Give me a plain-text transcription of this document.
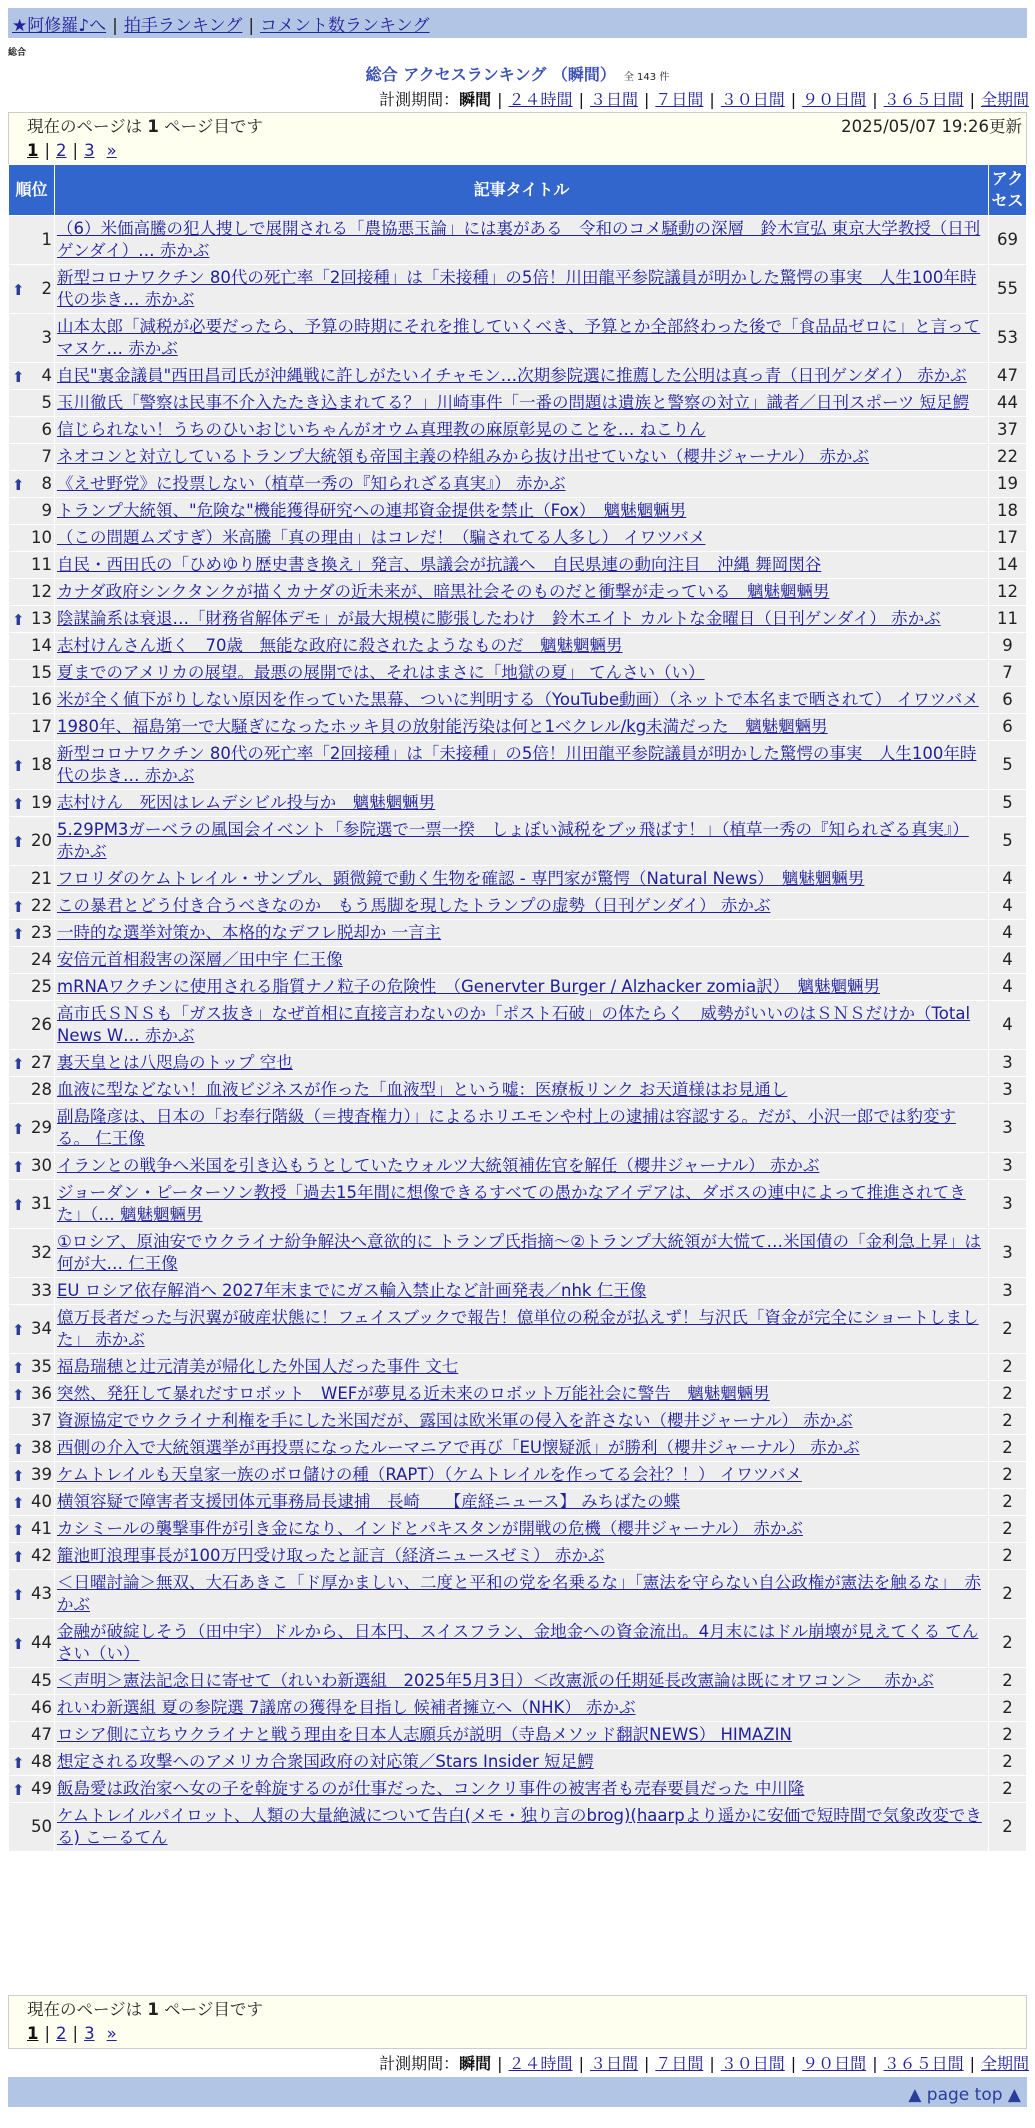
★阿修羅♪へ | 拍手ランキング | コメント数ランキング
総合
総合 アクセスランキング （瞬間） 全 143 件
計測期間：瞬間 | ２４時間 | ３日間 | ７日間 | ３０日間 | ９０日間 | ３６５日間 | 全期間
現在のページは 1 ページ目です	2025/05/07 19:26更新
1 | 2 | 3 »
順位	記事タイトル	アクセス
1	（6）米価高騰の犯人捜しで展開される「農協悪玉論」には裏がある　令和のコメ騒動の深層　鈴木宣弘 東京大学教授（日刊ゲンダイ）… 赤かぶ	69

⬆ 2	新型コロナワクチン 80代の死亡率「2回接種」は「未接種」の5倍！川田龍平参院議員が明かした驚愕の事実　人生100年時代の歩き… 赤かぶ	55
3	山本太郎「減税が必要だったら、予算の時期にそれを推していくべき、予算とか全部終わった後で「食品品ゼロに」と言ってマヌケ… 赤かぶ	53

⬆ 4	自民"裏金議員"西田昌司氏が沖縄戦に許しがたいイチャモン…次期参院選に推薦した公明は真っ青（日刊ゲンダイ） 赤かぶ	47
5	玉川徹氏「警察は民事不介入たたき込まれてる？」川崎事件「一番の問題は遺族と警察の対立」識者／日刊スポーツ 短足鰐	44
6	信じられない！うちのひいおじいちゃんがオウム真理教の麻原彰晃のことを… ねこりん	37
7	ネオコンと対立しているトランプ大統領も帝国主義の枠組みから抜け出せていない（櫻井ジャーナル） 赤かぶ	22

⬆ 8	《えせ野党》に投票しない（植草一秀の『知られざる真実』） 赤かぶ	19
9	トランプ大統領、"危険な"機能獲得研究への連邦資金提供を禁止（Fox）　魑魅魍魎男	18
10	（この問題ムズすぎ）米高騰「真の理由」はコレだ！（騙されてる人多し） イワツバメ	17
11	自民・西田氏の「ひめゆり歴史書き換え」発言、県議会が抗議へ　自民県連の動向注目　沖縄 舞岡関谷	14
12	カナダ政府シンクタンクが描くカナダの近未来が、暗黒社会そのものだと衝撃が走っている　魑魅魍魎男	12

⬆ 13	陰謀論系は衰退…「財務省解体デモ」が最大規模に膨張したわけ　鈴木エイト カルトな金曜日（日刊ゲンダイ） 赤かぶ	11
14	志村けんさん逝く　70歳　無能な政府に殺されたようなものだ　魑魅魍魎男	9
15	夏までのアメリカの展望。最悪の展開では、それはまさに「地獄の夏」 てんさい（い）	7
16	米が全く値下がりしない原因を作っていた黒幕、ついに判明する（YouTube動画）（ネットで本名まで晒されて） イワツバメ	6
17	1980年、福島第一で大騒ぎになったホッキ貝の放射能汚染は何と1ベクレル/kg未満だった　魑魅魍魎男	6

⬆ 18	新型コロナワクチン 80代の死亡率「2回接種」は「未接種」の5倍！川田龍平参院議員が明かした驚愕の事実　人生100年時代の歩き… 赤かぶ	5

⬆ 19	志村けん　死因はレムデシビル投与か　魑魅魍魎男	5

⬆ 20	5.29PM3ガーベラの風国会イベント「参院選で一票一揆　しょぼい減税をブッ飛ばす！」（植草一秀の『知られざる真実』） 赤かぶ	5
21	フロリダのケムトレイル・サンプル、顕微鏡で動く生物を確認 - 専門家が驚愕（Natural News）　魑魅魍魎男	4

⬆ 22	この暴君とどう付き合うべきなのか　もう馬脚を現したトランプの虚勢（日刊ゲンダイ） 赤かぶ	4

⬆ 23	一時的な選挙対策か、本格的なデフレ脱却か 一言主	4
24	安倍元首相殺害の深層／田中宇 仁王像	4
25	mRNAワクチンに使用される脂質ナノ粒子の危険性　（Genervter Burger / Alzhacker zomia訳）　魑魅魍魎男	4
26	高市氏ＳＮＳも「ガス抜き」なぜ首相に直接言わないのか「ポスト石破」の体たらく　威勢がいいのはＳＮＳだけか（Total News W… 赤かぶ	4

⬆ 27	裏天皇とは八咫烏のトップ 空也	3
28	血液に型などない！血液ビジネスが作った「血液型」という嘘：医療板リンク お天道様はお見通し	3

⬆ 29	副島隆彦は、日本の「お奉行階級（＝捜査権力）」によるホリエモンや村上の逮捕は容認する。だが、小沢一郎では豹変する。 仁王像	3

⬆ 30	イランとの戦争へ米国を引き込もうとしていたウォルツ大統領補佐官を解任（櫻井ジャーナル） 赤かぶ	3

⬆ 31	ジョーダン・ピーターソン教授「過去15年間に想像できるすべての愚かなアイデアは、ダボスの連中によって推進されてきた」（… 魑魅魍魎男	3
32	①ロシア、原油安でウクライナ紛争解決へ意欲的に トランプ氏指摘～②トランプ大統領が大慌て…米国債の「金利急上昇」は何が大… 仁王像	3
33	EU ロシア依存解消へ 2027年末までにガス輸入禁止など計画発表／nhk 仁王像	3

⬆ 34	億万長者だった与沢翼が破産状態に！フェイスブックで報告！億単位の税金が払えず！与沢氏「資金が完全にショートしました」 赤かぶ	2

⬆ 35	福島瑞穂と辻元清美が帰化した外国人だった事件 文七	2

⬆ 36	突然、発狂して暴れだすロボット　WEFが夢見る近未来のロボット万能社会に警告　魑魅魍魎男	2
37	資源協定でウクライナ利権を手にした米国だが、露国は欧米軍の侵入を許さない（櫻井ジャーナル） 赤かぶ	2

⬆ 38	西側の介入で大統領選挙が再投票になったルーマニアで再び「EU懐疑派」が勝利（櫻井ジャーナル） 赤かぶ	2

⬆ 39	ケムトレイルも天皇家一族のボロ儲けの種（RAPT）（ケムトレイルを作ってる会社？！） イワツバメ	2

⬆ 40	横領容疑で障害者支援団体元事務局長逮捕　長崎　　【産経ニュース】 みちばたの蝶	2

⬆ 41	カシミールの襲撃事件が引き金になり、インドとパキスタンが開戦の危機（櫻井ジャーナル） 赤かぶ	2

⬆ 42	籠池町浪理事長が100万円受け取ったと証言（経済ニュースゼミ） 赤かぶ	2

⬆ 43	＜日曜討論＞無双、大石あきこ「ド厚かましい、二度と平和の党を名乗るな」「憲法を守らない自公政権が憲法を触るな」　赤かぶ	2

⬆ 44	金融が破綻しそう（田中宇）ドルから、日本円、スイスフラン、金地金への資金流出。4月末にはドル崩壊が見えてくる てんさい（い）	2
45	＜声明＞憲法記念日に寄せて（れいわ新選組　2025年5月3日）＜改憲派の任期延長改憲論は既にオワコン＞　 赤かぶ	2
46	れいわ新選組 夏の参院選 7議席の獲得を目指し 候補者擁立へ（NHK） 赤かぶ	2
47	ロシア側に立ちウクライナと戦う理由を日本人志願兵が説明（寺島メソッド翻訳NEWS） HIMAZIN	2

⬆ 48	想定される攻撃へのアメリカ合衆国政府の対応策／Stars Insider 短足鰐	2

⬆ 49	飯島愛は政治家へ女の子を斡旋するのが仕事だった、コンクリ事件の被害者も売春要員だった 中川隆	2
50	ケムトレイルパイロット、人類の大量絶滅について告白(メモ・独り言のbrog)(haarpより遥かに安価で短時間で気象改変できる) こーるてん	2
現在のページは 1 ページ目です
1 | 2 | 3 »
計測期間：瞬間 | ２４時間 | ３日間 | ７日間 | ３０日間 | ９０日間 | ３６５日間 | 全期間
▲ page top ▲
